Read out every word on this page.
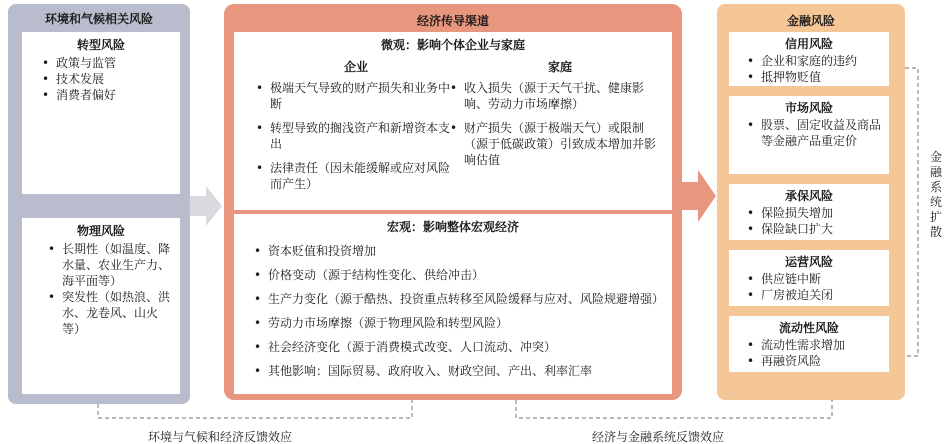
环境和气候相关风险
转型风险
• 政策与监管
• 技术发展
• 消费者偏好
物理风险
• 长期性（如温度、降水量、农业生产力、海平面等）
• 突发性（如热浪、洪水、龙卷风、山火等）
经济传导渠道
微观：影响个体企业与家庭
企业	家庭
• 极端天气导致的财产损失和业务中断
• 转型导致的搁浅资产和新增资本支出
• 法律责任（因未能缓解或应对风险而产生）
• 收入损失（源于天气干扰、健康影响、劳动力市场摩擦）
• 财产损失（源于极端天气）或限制（源于低碳政策）引致成本增加并影响估值
宏观：影响整体宏观经济
• 资本贬值和投资增加
• 价格变动（源于结构性变化、供给冲击）
• 生产力变化（源于酷热、投资重点转移至风险缓释与应对、风险规避增强）
• 劳动力市场摩擦（源于物理风险和转型风险）
• 社会经济变化（源于消费模式改变、人口流动、冲突）
• 其他影响：国际贸易、政府收入、财政空间、产出、利率汇率
金融风险
信用风险
• 企业和家庭的违约
• 抵押物贬值
市场风险
• 股票、固定收益及商品等金融产品重定价
承保风险
• 保险损失增加
• 保险缺口扩大
运营风险
• 供应链中断
• 厂房被迫关闭
流动性风险
• 流动性需求增加
• 再融资风险
金融系统扩散
环境与气候和经济反馈效应	经济与金融系统反馈效应
